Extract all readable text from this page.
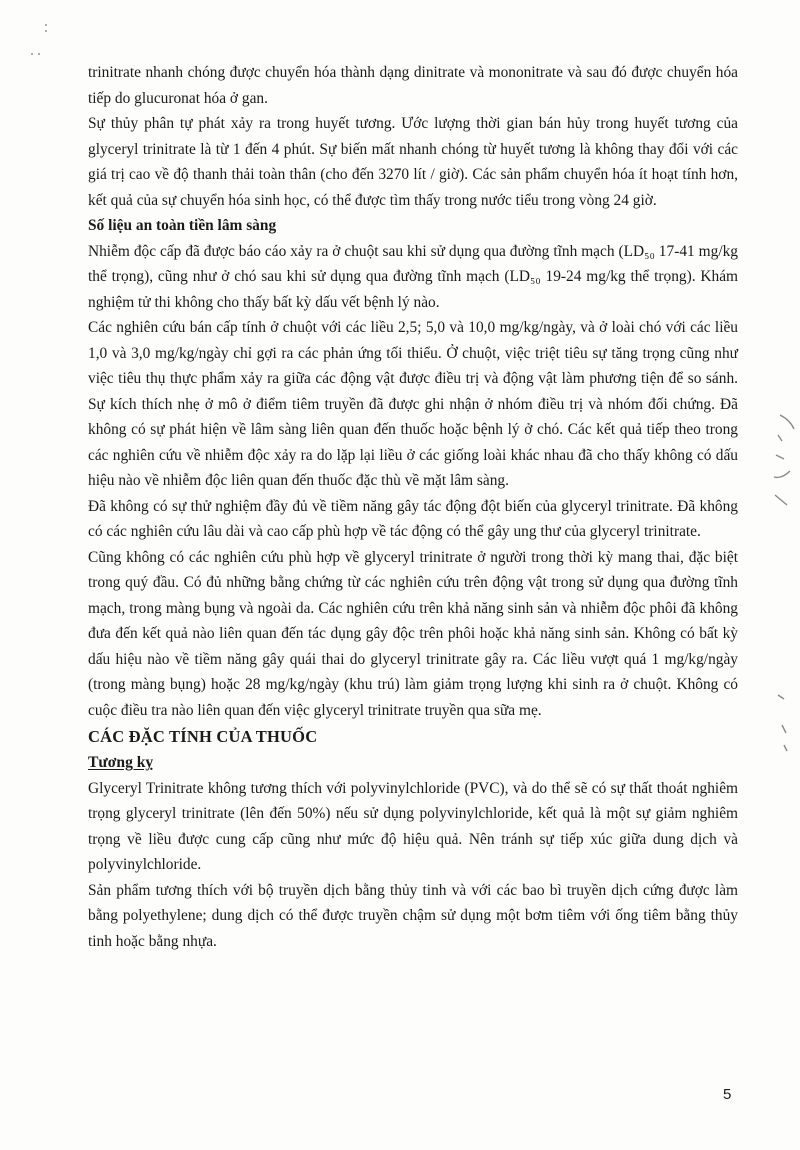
trinitrate nhanh chóng được chuyển hóa thành dạng dinitrate và mononitrate và sau đó được chuyển hóa tiếp do glucuronat hóa ở gan.

Sự thủy phân tự phát xảy ra trong huyết tương. Ước lượng thời gian bán hủy trong huyết tương của glyceryl trinitrate là từ 1 đến 4 phút. Sự biến mất nhanh chóng từ huyết tương là không thay đổi với các giá trị cao về độ thanh thải toàn thân (cho đến 3270 lít / giờ). Các sản phẩm chuyển hóa ít hoạt tính hơn, kết quả của sự chuyển hóa sinh học, có thể được tìm thấy trong nước tiểu trong vòng 24 giờ.

Số liệu an toàn tiền lâm sàng

Nhiễm độc cấp đã được báo cáo xảy ra ở chuột sau khi sử dụng qua đường tĩnh mạch (LD₅₀ 17-41 mg/kg thể trọng), cũng như ở chó sau khi sử dụng qua đường tĩnh mạch (LD₅₀ 19-24 mg/kg thể trọng). Khám nghiệm tử thi không cho thấy bất kỳ dấu vết bệnh lý nào.

Các nghiên cứu bán cấp tính ở chuột với các liều 2,5; 5,0 và 10,0 mg/kg/ngày, và ở loài chó với các liều 1,0 và 3,0 mg/kg/ngày chỉ gợi ra các phản ứng tối thiểu. Ở chuột, việc triệt tiêu sự tăng trọng cũng như việc tiêu thụ thực phẩm xảy ra giữa các động vật được điều trị và động vật làm phương tiện để so sánh. Sự kích thích nhẹ ở mô ở điểm tiêm truyền đã được ghi nhận ở nhóm điều trị và nhóm đối chứng. Đã không có sự phát hiện về lâm sàng liên quan đến thuốc hoặc bệnh lý ở chó. Các kết quả tiếp theo trong các nghiên cứu về nhiễm độc xảy ra do lặp lại liều ở các giống loài khác nhau đã cho thấy không có dấu hiệu nào về nhiễm độc liên quan đến thuốc đặc thù về mặt lâm sàng.

Đã không có sự thử nghiệm đầy đủ về tiềm năng gây tác động đột biến của glyceryl trinitrate. Đã không có các nghiên cứu lâu dài và cao cấp phù hợp về tác động có thể gây ung thư của glyceryl trinitrate.

Cũng không có các nghiên cứu phù hợp về glyceryl trinitrate ở người trong thời kỳ mang thai, đặc biệt trong quý đầu. Có đủ những bằng chứng từ các nghiên cứu trên động vật trong sử dụng qua đường tĩnh mạch, trong màng bụng và ngoài da. Các nghiên cứu trên khả năng sinh sản và nhiễm độc phôi đã không đưa đến kết quả nào liên quan đến tác dụng gây độc trên phôi hoặc khả năng sinh sản. Không có bất kỳ dấu hiệu nào về tiềm năng gây quái thai do glyceryl trinitrate gây ra. Các liều vượt quá 1 mg/kg/ngày (trong màng bụng) hoặc 28 mg/kg/ngày (khu trú) làm giảm trọng lượng khi sinh ra ở chuột. Không có cuộc điều tra nào liên quan đến việc glyceryl trinitrate truyền qua sữa mẹ.

CÁC ĐẶC TÍNH CỦA THUỐC

Tương kỵ

Glyceryl Trinitrate không tương thích với polyvinylchloride (PVC), và do thể sẽ có sự thất thoát nghiêm trọng glyceryl trinitrate (lên đến 50%) nếu sử dụng polyvinylchloride, kết quả là một sự giảm nghiêm trọng về liều được cung cấp cũng như mức độ hiệu quả. Nên tránh sự tiếp xúc giữa dung dịch và polyvinylchloride.

Sản phẩm tương thích với bộ truyền dịch bằng thủy tinh và với các bao bì truyền dịch cứng được làm bằng polyethylene; dung dịch có thể được truyền chậm sử dụng một bơm tiêm với ống tiêm bằng thủy tinh hoặc bằng nhựa.

5
